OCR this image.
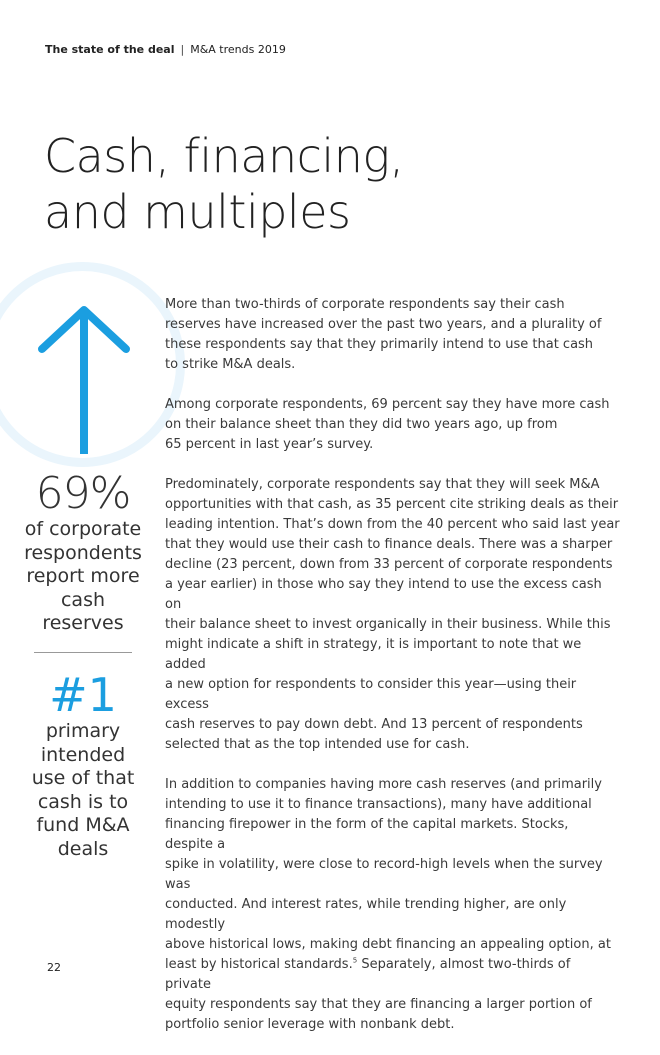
The state of the deal | M&A trends 2019
Cash, financing,
and multiples
69%
of corporate respondents report more cash reserves
#1
primary intended use of that cash is to fund M&A deals

More than two-thirds of corporate respondents say their cash
reserves have increased over the past two years, and a plurality of
these respondents say that they primarily intend to use that cash
to strike M&A deals.

Among corporate respondents, 69 percent say they have more cash
on their balance sheet than they did two years ago, up from
65 percent in last year’s survey.

Predominately, corporate respondents say that they will seek M&A
opportunities with that cash, as 35 percent cite striking deals as their
leading intention. That’s down from the 40 percent who said last year
that they would use their cash to finance deals. There was a sharper
decline (23 percent, down from 33 percent of corporate respondents
a year earlier) in those who say they intend to use the excess cash on
their balance sheet to invest organically in their business. While this
might indicate a shift in strategy, it is important to note that we added
a new option for respondents to consider this year—using their excess
cash reserves to pay down debt. And 13 percent of respondents
selected that as the top intended use for cash.

In addition to companies having more cash reserves (and primarily
intending to use it to finance transactions), many have additional
financing firepower in the form of the capital markets. Stocks, despite a
spike in volatility, were close to record-high levels when the survey was
conducted. And interest rates, while trending higher, are only modestly
above historical lows, making debt financing an appealing option, at
least by historical standards.$^5$ Separately, almost two-thirds of private
equity respondents say that they are financing a larger portion of
portfolio senior leverage with nonbank debt.

22
